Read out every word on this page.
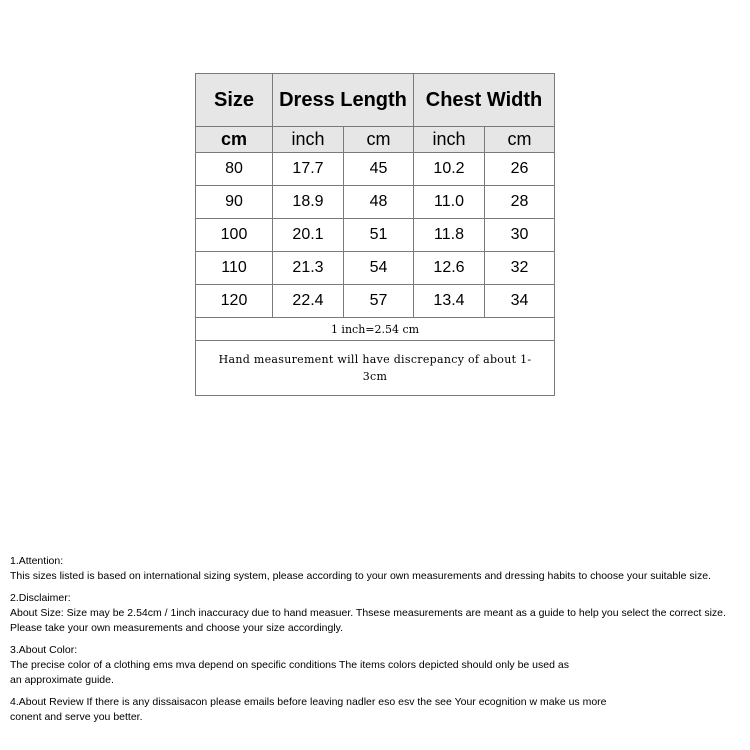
Size	Dress Length		Chest Width	
cm	inch	cm	inch	cm
80	17.7	45	10.2	26
90	18.9	48	11.0	28
100	20.1	51	11.8	30
110	21.3	54	12.6	32
120	22.4	57	13.4	34
1 inch=2.54 cm				

Hand measurement will have discrepancy of about 1-
3cm				

1.Attention:

This sizes listed is based on international sizing system, please according to your own measurements and dressing habits to choose your suitable size.

2.Disclaimer:

About Size: Size may be 2.54cm / 1inch inaccuracy due to hand measuer. Thsese measurements are meant as a guide to help you select the correct size.

Please take your own measurements and choose your size accordingly.

3.About Color:

The precise color of a clothing ems mva depend on specific conditions The items colors depicted should only be used as

an approximate guide.

4.About Review If there is any dissaisacon please emails before leaving nadler eso esv the see Your ecognition w make us more

conent and serve you better.
